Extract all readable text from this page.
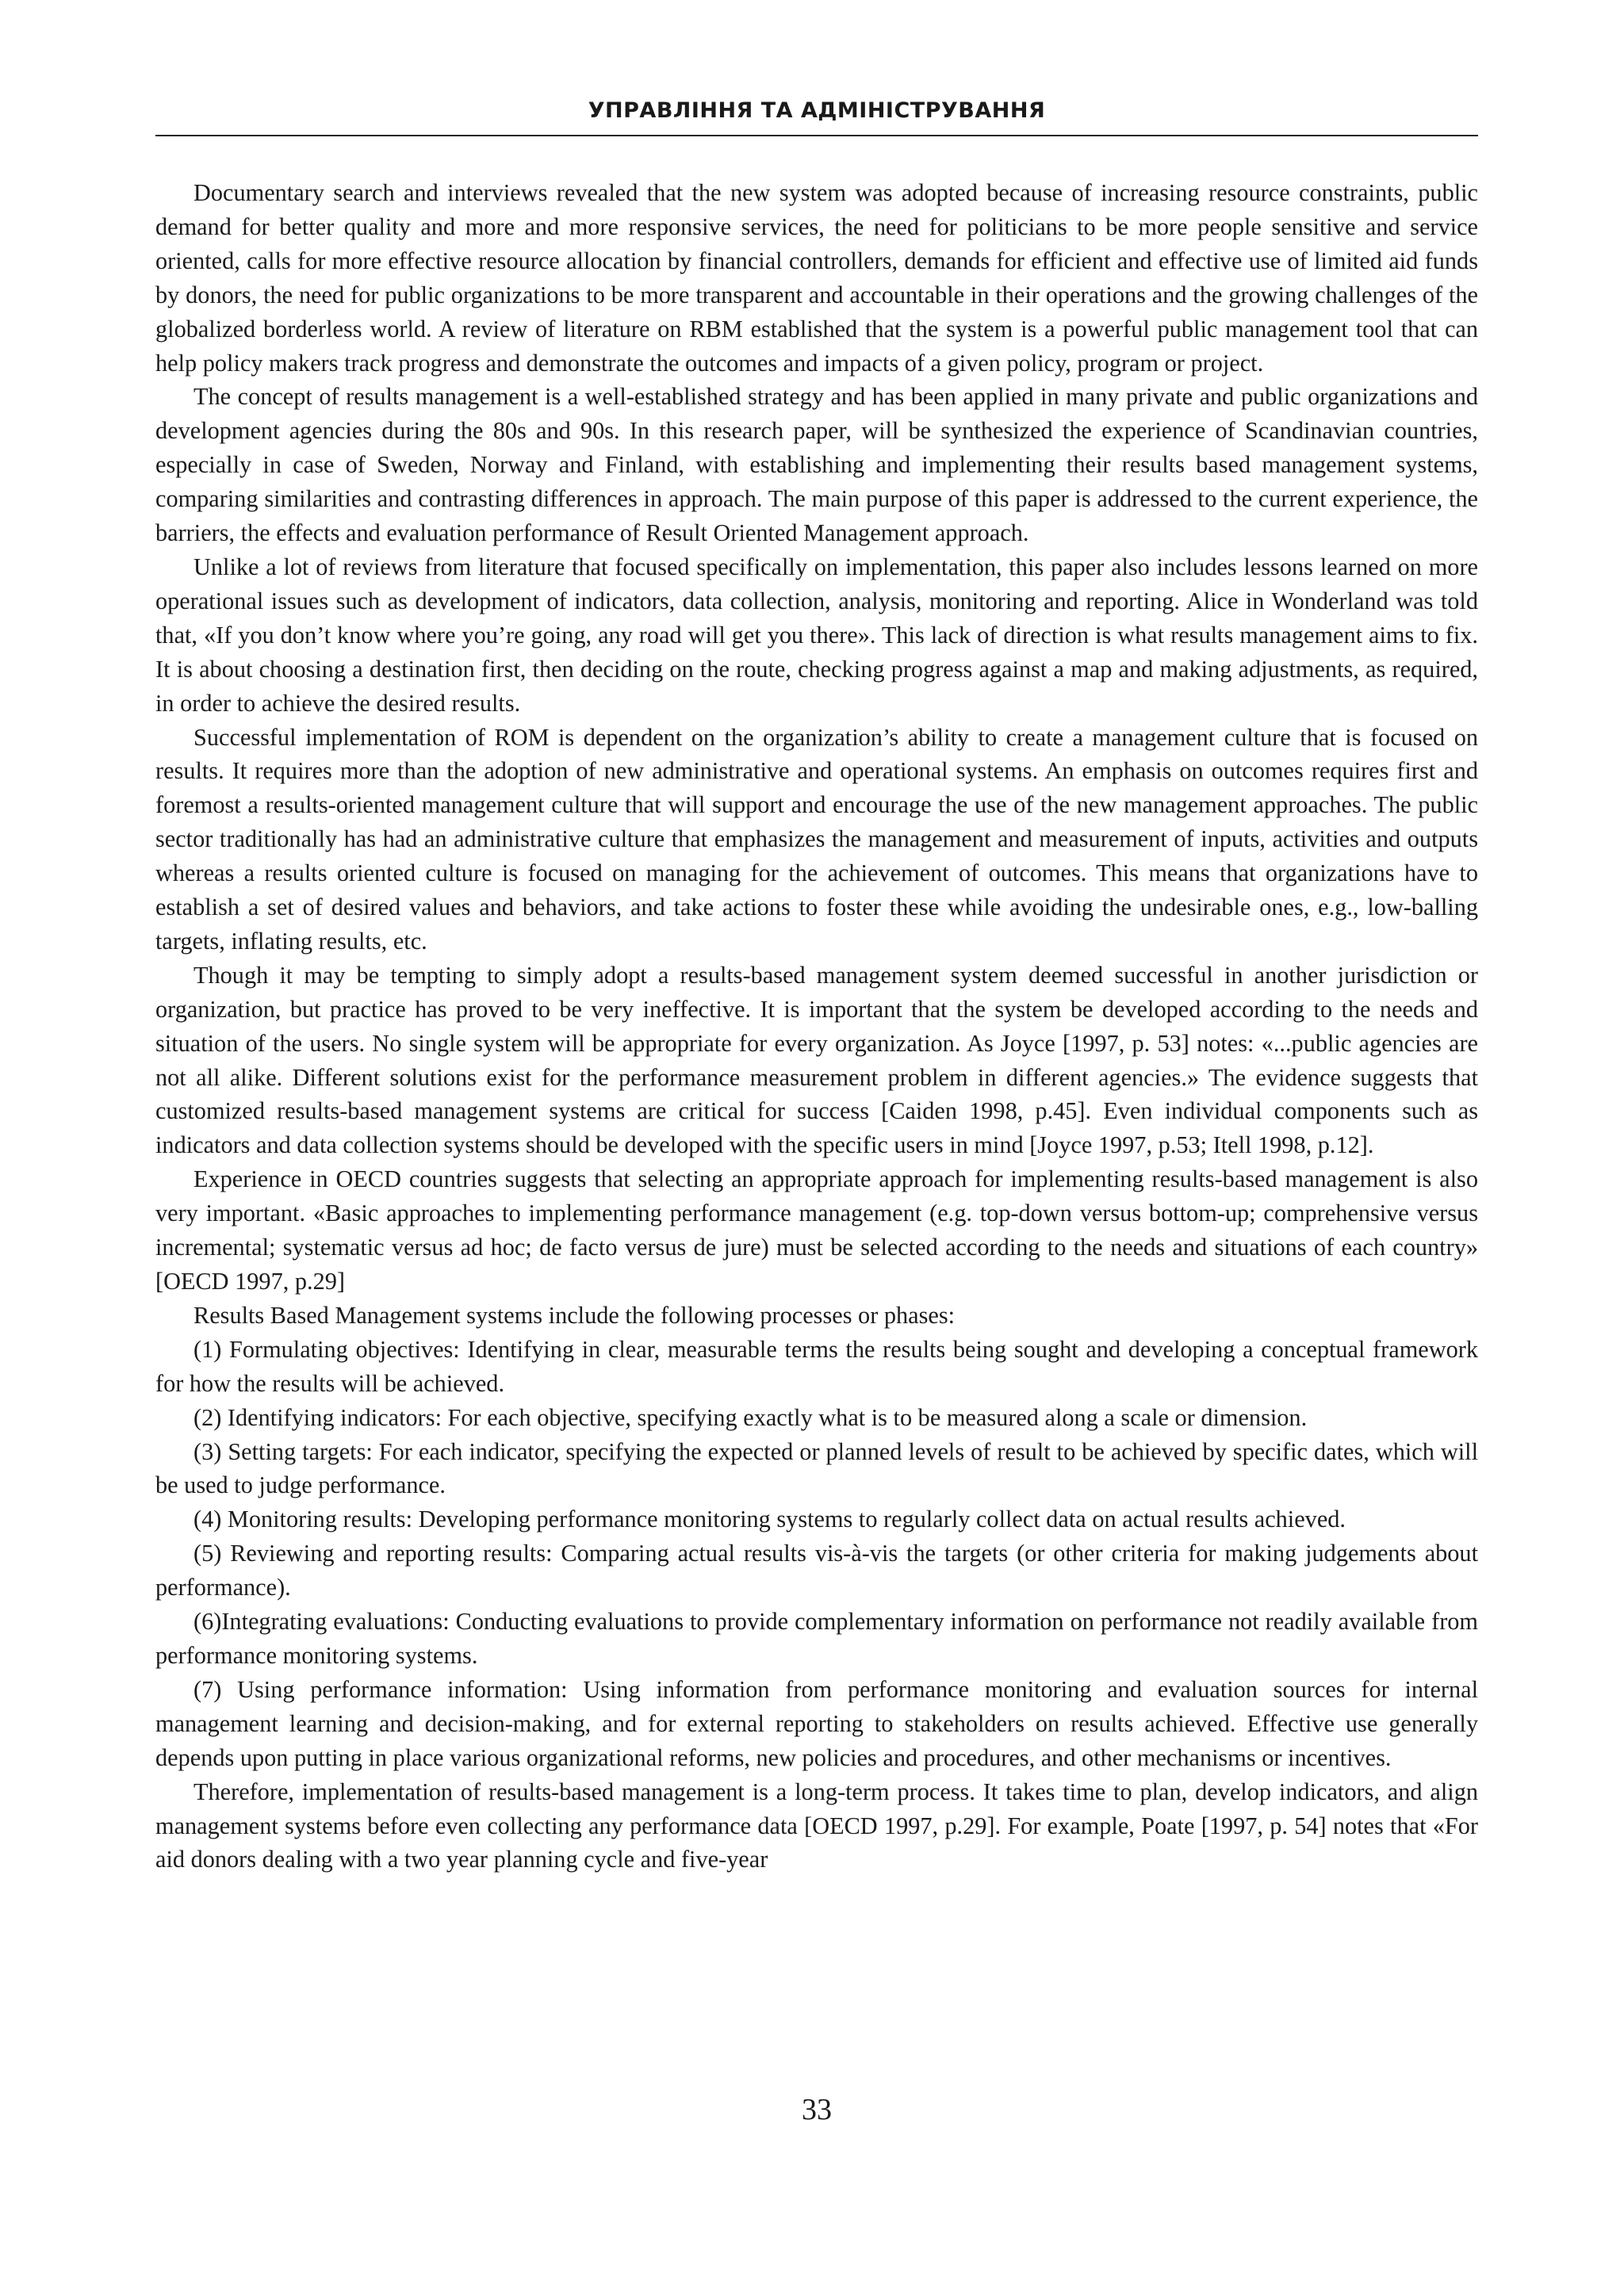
УПРАВЛІННЯ ТА АДМІНІСТРУВАННЯ

Documentary search and interviews revealed that the new system was adopted because of increasing resource constraints, public demand for better quality and more and more responsive services, the need for politicians to be more people sensitive and service oriented, calls for more effective resource allocation by financial controllers, demands for efficient and effective use of limited aid funds by donors, the need for public organizations to be more transparent and accountable in their operations and the growing challenges of the globalized borderless world. A review of literature on RBM established that the system is a powerful public management tool that can help policy makers track progress and demonstrate the outcomes and impacts of a given policy, program or project.

The concept of results management is a well-established strategy and has been applied in many private and public organizations and development agencies during the 80s and 90s. In this research paper, will be synthesized the experience of Scandinavian countries, especially in case of Sweden, Norway and Finland, with establishing and implementing their results based management systems, comparing similarities and contrasting differences in approach. The main purpose of this paper is addressed to the current experience, the barriers, the effects and evaluation performance of Result Oriented Management approach.

Unlike a lot of reviews from literature that focused specifically on implementation, this paper also includes lessons learned on more operational issues such as development of indicators, data collection, analysis, monitoring and reporting. Alice in Wonderland was told that, «If you don’t know where you’re going, any road will get you there». This lack of direction is what results management aims to fix. It is about choosing a destination first, then deciding on the route, checking progress against a map and making adjustments, as required, in order to achieve the desired results.

Successful implementation of ROM is dependent on the organization’s ability to create a management culture that is focused on results. It requires more than the adoption of new administrative and operational systems. An emphasis on outcomes requires first and foremost a results-oriented management culture that will support and encourage the use of the new management approaches. The public sector traditionally has had an administrative culture that emphasizes the management and measurement of inputs, activities and outputs whereas a results oriented culture is focused on managing for the achievement of outcomes. This means that organizations have to establish a set of desired values and behaviors, and take actions to foster these while avoiding the undesirable ones, e.g., low-balling targets, inflating results, etc.

Though it may be tempting to simply adopt a results-based management system deemed successful in another jurisdiction or organization, but practice has proved to be very ineffective. It is important that the system be developed according to the needs and situation of the users. No single system will be appropriate for every organization. As Joyce [1997, p. 53] notes: «...public agencies are not all alike. Different solutions exist for the performance measurement problem in different agencies.» The evidence suggests that customized results-based management systems are critical for success [Caiden 1998, p.45]. Even individual components such as indicators and data collection systems should be developed with the specific users in mind [Joyce 1997, p.53; Itell 1998, p.12].

Experience in OECD countries suggests that selecting an appropriate approach for implementing results-based management is also very important. «Basic approaches to implementing performance management (e.g. top-down versus bottom-up; comprehensive versus incremental; systematic versus ad hoc; de facto versus de jure) must be selected according to the needs and situations of each country» [OECD 1997, p.29]

Results Based Management systems include the following processes or phases:

(1) Formulating objectives: Identifying in clear, measurable terms the results being sought and developing a conceptual framework for how the results will be achieved.

(2) Identifying indicators: For each objective, specifying exactly what is to be measured along a scale or dimension.

(3) Setting targets: For each indicator, specifying the expected or planned levels of result to be achieved by specific dates, which will be used to judge performance.

(4) Monitoring results: Developing performance monitoring systems to regularly collect data on actual results achieved.

(5) Reviewing and reporting results: Comparing actual results vis-à-vis the targets (or other criteria for making judgements about performance).

(6)Integrating evaluations: Conducting evaluations to provide complementary information on performance not readily available from performance monitoring systems.

(7) Using performance information: Using information from performance monitoring and evaluation sources for internal management learning and decision-making, and for external reporting to stakeholders on results achieved. Effective use generally depends upon putting in place various organizational reforms, new policies and procedures, and other mechanisms or incentives.

Therefore, implementation of results-based management is a long-term process. It takes time to plan, develop indicators, and align management systems before even collecting any performance data [OECD 1997, p.29]. For example, Poate [1997, p. 54] notes that «For aid donors dealing with a two year planning cycle and five-year

33
